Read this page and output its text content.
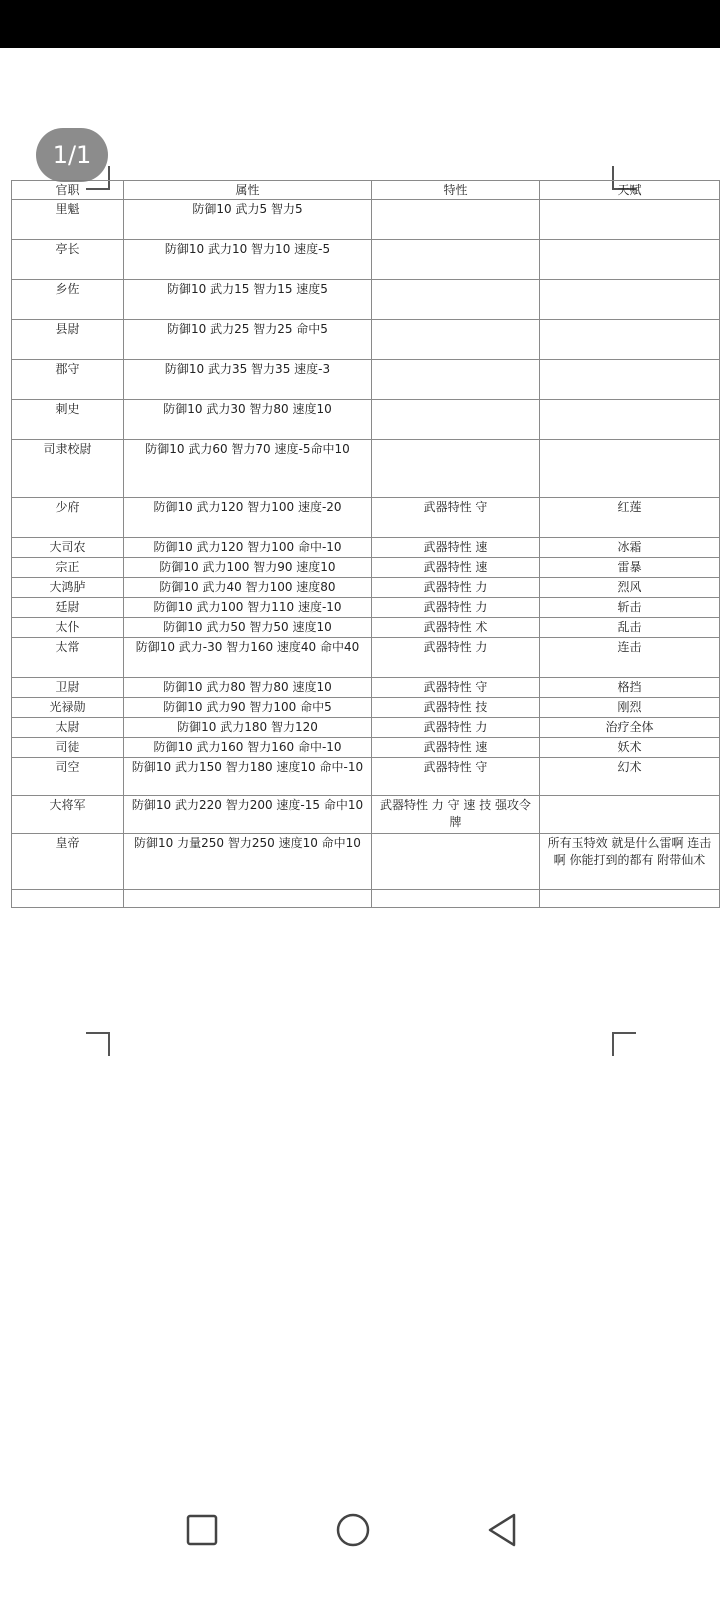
1/1
官职	属性	特性	天赋
里魁	防御10 武力5 智力5		
亭长	防御10 武力10 智力10 速度-5		
乡佐	防御10 武力15 智力15 速度5		
县尉	防御10 武力25 智力25 命中5		
郡守	防御10 武力35 智力35 速度-3		
刺史	防御10 武力30 智力80 速度10		
司隶校尉	防御10 武力60 智力70 速度-5命中10		
少府	防御10 武力120 智力100 速度-20	武器特性 守	红莲
大司农	防御10 武力120 智力100 命中-10	武器特性 速	冰霜
宗正	防御10 武力100 智力90 速度10	武器特性 速	雷暴
大鸿胪	防御10 武力40 智力100 速度80	武器特性 力	烈风
廷尉	防御10 武力100 智力110 速度-10	武器特性 力	斩击
太仆	防御10 武力50 智力50 速度10	武器特性 术	乱击
太常	防御10 武力-30 智力160 速度40 命中40	武器特性 力	连击
卫尉	防御10 武力80 智力80 速度10	武器特性 守	格挡
光禄勋	防御10 武力90 智力100 命中5	武器特性 技	刚烈
太尉	防御10 武力180 智力120	武器特性 力	治疗全体
司徒	防御10 武力160 智力160 命中-10	武器特性 速	妖术
司空	防御10 武力150 智力180 速度10 命中-10	武器特性 守	幻术
大将军	防御10 武力220 智力200 速度-15 命中10	武器特性 力 守 速 技 强攻令牌	
皇帝	防御10 力量250 智力250 速度10 命中10		所有玉特效 就是什么雷啊 连击啊 你能打到的都有 附带仙术
